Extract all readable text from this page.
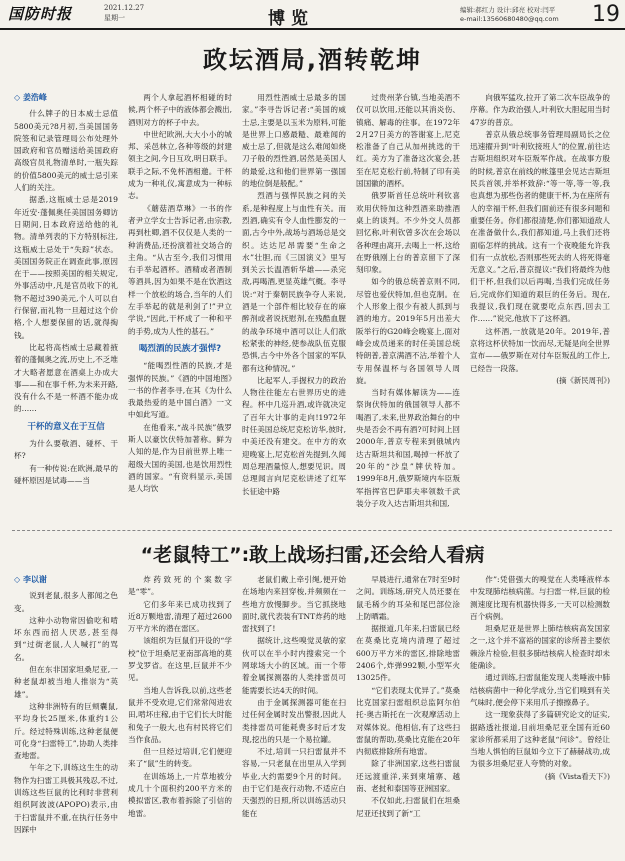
国防时报	2021.12.27
星期一	博览	编辑:郝红力 设计:邱亮 校对:闫平
e-mail:13560680480@qq.com 19
政坛酒局,酒转乾坤
◇ 姜浩峰

什么牌子的日本威士忌值5800美元?8月初,当美国国务院签和记录管理局公布处理外国政府和官员赠送给美国政府高级官员礼物清单时,一瓶失踪的价值5800美元的威士忌引来人们的关注。

据悉,这瓶威士忌是2019年近安·蓬佩奥任美国国务卿访日期间,日本政府送给他的礼物。清单列表的下方特别标注,这瓶威士忌处于“失踪”状态。美国国务院正在调查此事,原因在于——按照美国的相关规定,外事活动中,凡是官员收下的礼物不超过390美元,个人可以自行保留,而礼物一旦超过这个价格,个人想要保留的话,就得掏钱。

比起将高档威士忌藏着掖着的蓬佩奥之流,历史上,不乏堆才大略者愿意在酒桌上办成大事——和在事千杯,为未来开路,没有什么不是一杯酒不能办成的……

干杯的意义在于互信

为什么要敬酒、碰杯、干杯?

有一种传说:在欧洲,最早的碰杯原因是试毒——当

两个人拿起酒杯相碰的时候,两个杯子中的液体都会溅出,酒则对方的杯子中去。

中世纪欧洲,大大小小的城邦、采邑林立,各种等级的封建领主之间,今日互攻,明日联手。联手之际,不免杯酒相邀。干杯成为一种礼仪,寓意成为一种标志。

《蘑菇酒草琳》一书的作者尹立学女士告诉记者,由宗教,再到杜卿,酒不仅仅是人类的一种消费品,还扮演着社交场合的主角。“从古至今,我们习惯用右手举起酒杯。酒精或者酒制等酒具,因为如果不是在饮酒这样一个放松的场合,当年的人们左手举起的就是利剑了!”尹立学说,“因此,干杯成了一种和平的手势,成为人性的基石。”

喝烈酒的民族才强悍?

“能喝烈性酒的民族,才是强悍的民族。”《酒的中国地图》一书的作者李寻,在其《为什么我最热爱的是中国白酒》一文中如此写道。

在他看来,“战斗民族”俄罗斯人以豪饮伏特加著称。鲜为人知的是,作为目前世界上唯一超级大国的美国,也是饮用烈性酒的国家。“有资料显示,美国是人均饮

用烈性酒威士忌最多的国家。”李寻告诉记者:“美国的威士忌,主要是以玉米为原料,可能是世界上口感最糙、最难闻的威士忌了,但就是这么难闻如烧刀子般的烈性酒,居然是美国人的最爱,这和他们世界第一强国的地位倒是般配。”

烈酒与强悍民族之间的关系,是种程度上与血性有关。而烈酒,确实有令人血性膨发的一面,古今中外,战场与酒场总是交织。达达尼昂需要“生命之水”壮胆,而《三国演义》里写到关云长温酒斩华雄——杀完敌,再喝酒,更显英雄气概。李寻说:“对于秦朝民族争夺人来说,酒是一个部件相比较存在的麻醉剂或者说抚慰剂,在残酷血腥的战争环境中酒可以让人们欲松紧张的神经,使参战队伍克服恐惧,古今中外各个国家的军队都有这种情况。”

比起军人,手握权力的政治人物往往能左右世界历史的进程。杯中几巡升酒,或许就决定了百年大计事的走向!1972年时任美国总统尼克松访华,彼时,中美还没有建交。在中方的欢迎晚宴上,尼克松首先提到,久闻周总理酒量惊人,想要见识。周总理闻言向尼克松讲述了红军长征途中路

过贵州茅台镇,当地美酒不仅可以饮用,还能以其消炎伤、镇痛、解毒的往事。在1972年2月27日美方的答谢宴上,尼克松准备了自己从加州挑选的干红。美方为了准备这次宴会,甚至在尼克松行前,特制了印有美国国徽的酒杯。

俄罗斯首任总统叶利钦喜欢用伏特加这种烈酒来助推酒桌上的谈判。不少外交人员都回忆称,叶利钦曾多次在会场以各种理由离开,去喝上一杯,这给在野俄刚上台的普京留下了深刻印象。

如今的俄总统普京则不同,尽管也爱伏特加,但也克制。在个人形象上很少有被人抓到与酒的地方。2019年5月出差大阪举行的G20峰会晚宴上,面对峰会成员递来的时任美国总统特朗普,普京满酒不沾,举着个人专用保温杯与各国领导人周旋。

当时有媒体解读为——连祭询伏特加的俄国领导人都不喝酒了,未来,世界政治舞台的中央是否会不再有酒?可时间上回2000年,普京专程来到俄城内达古斯坦共和国,喝掉一杯放了20年的“沙皇”牌伏特加。1999年8月,俄罗斯境内车臣叛军指挥官巴萨耶夫率领数千武装分子攻入达吉斯坦共和国,

向俄军猛攻,拉开了第二次车臣战争的序幕。作为政治强人,叶利钦大胆起用当时47岁的普京。

普京从俄总统事务管理局副局长之位迅速擢升到“叶利钦接班人”的位置,前往达吉斯坦组织对车臣叛军作战。在战事方殷的时候,普京在前线的帐篷里会见达吉斯坦民兵首领,并举杯致辞:“等一等,等一等,我也真想为那些伤者的健康干杯,为在座所有人的幸福干杯,但我们面前还有很多问题和重要任务。你们都很清楚,你们都知道敌人在准备做什么,我们都知道,马上我们还将面临怎样的挑战。这有一个夜晚能允许我们有一点放松,否则那些死去的人将死得毫无意义。”之后,普京提议:“我们将最终为他们干杯,但我们以后再喝,当我们完成任务后,完成你们知道的艰巨的任务后。现在,我提议,我们现在就要吃点东西,回去工作……”说完,他放下了这杯酒。

这杯酒,一放就是20年。2019年,普京将这杯伏特加一饮而尽,无疑是向全世界宣布——俄罗斯在对付车臣叛乱的工作上,已经告一段落。

(摘《新民周刊》)
“老鼠特工”:敢上战场扫雷,还会给人看病
◇ 李以谢

说到老鼠,很多人都闻之色变。

这种小动物常因偷吃和啃坏东西而招人厌恶,甚至得到“过街老鼠,人人喊打”的骂名。

但在东非国家坦桑尼亚,一种老鼠却被当地人推崇为“英雄”。

这种非洲特有的巨颊囊鼠,平均身长25厘米,体重约1公斤。经过特殊训练,这种老鼠便可化身“扫雷特工”,协助人类排查地雷。

午年之下,训练这生生的动物作为扫雷工具极其残忍,不过,训练这些巨鼠的比利时非营利组织阿波波(APOPO)表示,由于扫雷鼠并不重,在执行任务中因踩中

炸药致死的个案数字是“零”。

它们多年来已成功找到了近8万颗地雷,清理了超过2600万平方米的潜在雷区。

该组织为巨鼠们开设的“学校”位于坦桑尼亚南部高地的莫罗戈罗省。在这里,巨鼠并不少见。

当地人告诉我,以前,这些老鼠并不受欢迎,它们常常闯进农田,啃坏庄稼,由于它们长大时能和兔子一般大,也有村民将它们当作食品。

但一旦经过培训,它们便迎来了“鼠”生的转变。

在训练场上,一片草地被分成几十个面积约200平方米的模拟雷区,教布着拆除了引信的地雷。

老鼠们戴上牵引绳,便开始在场地内来回穿梭,并频频在一些地方放慢脚步。当它抓挠地面时,就代表装有TNT炸药的地雷找到了!

据统计,这些嗅觉灵敏的家伙可以在半小时内搜索完一个网球场大小的区域。而一个带着金属探测器的人类排雷员可能需要长达4天的时间。

由于金属探测器可能在扫过任何金属时发出警报,因此人类排雷员可能耗费多时后才发现,挖出的只是一个易拉罐。

不过,培训一只扫雷鼠并不容易,一只老鼠在出里从入学到毕业,大约需要9个月的时间。由于它们是夜行动物,不适应白天强烈的日照,所以训练活动只能在

早晨进行,通常在7时至9时之间。训练场,研究人员还要在鼠毛稀少的耳朵和尾巴部位涂上防晒霜。

据报道,几年来,扫雷鼠已经在莫桑比克境内清理了超过600万平方米的雷区,排除地雷2406个,炸弹992颗,小型军火13025件。

“它们表现太优异了。”莫桑比克国家扫雷组织总监阿尔伯托·奥古斯托在一次观摩活动上对媒体说。他相信,有了这些扫雷鼠的帮助,莫桑比克能在20年内彻底排除所有地雷。

除了非洲国家,这些扫雷鼠还远渡重洋,来到柬埔寨、越南、老挝和泰国等亚洲国家。

不仅如此,扫雷鼠们在坦桑尼亚还找到了新“工

作”:凭借强大的嗅觉在人类唾液样本中发现肺结核病菌。与扫雷一样,巨鼠的检测速度比现有机器快得多,一天可以检测数百个病例。

坦桑尼亚是世界上肺结核病高发国家之一,这个并不富裕的国家的诊所普主要依赖涂片检验,但很多肺结核病人检查时却未能确诊。

通过训练,扫雷鼠能发现人类唾液中肺结核病菌中一种化学成分,当它们嗅到有关气味时,便会停下来用爪子擦擦鼻子。

这一现象获得了多篇研究论文的证实,据路透社报道,目前坦桑尼亚全国有近60家诊所都采用了这种老鼠“问诊”。曾经让当地人惧怕的巨鼠如今立下了赫赫战功,成为很多坦桑尼亚人夸赞的对象。

(摘《Vista看天下》)
